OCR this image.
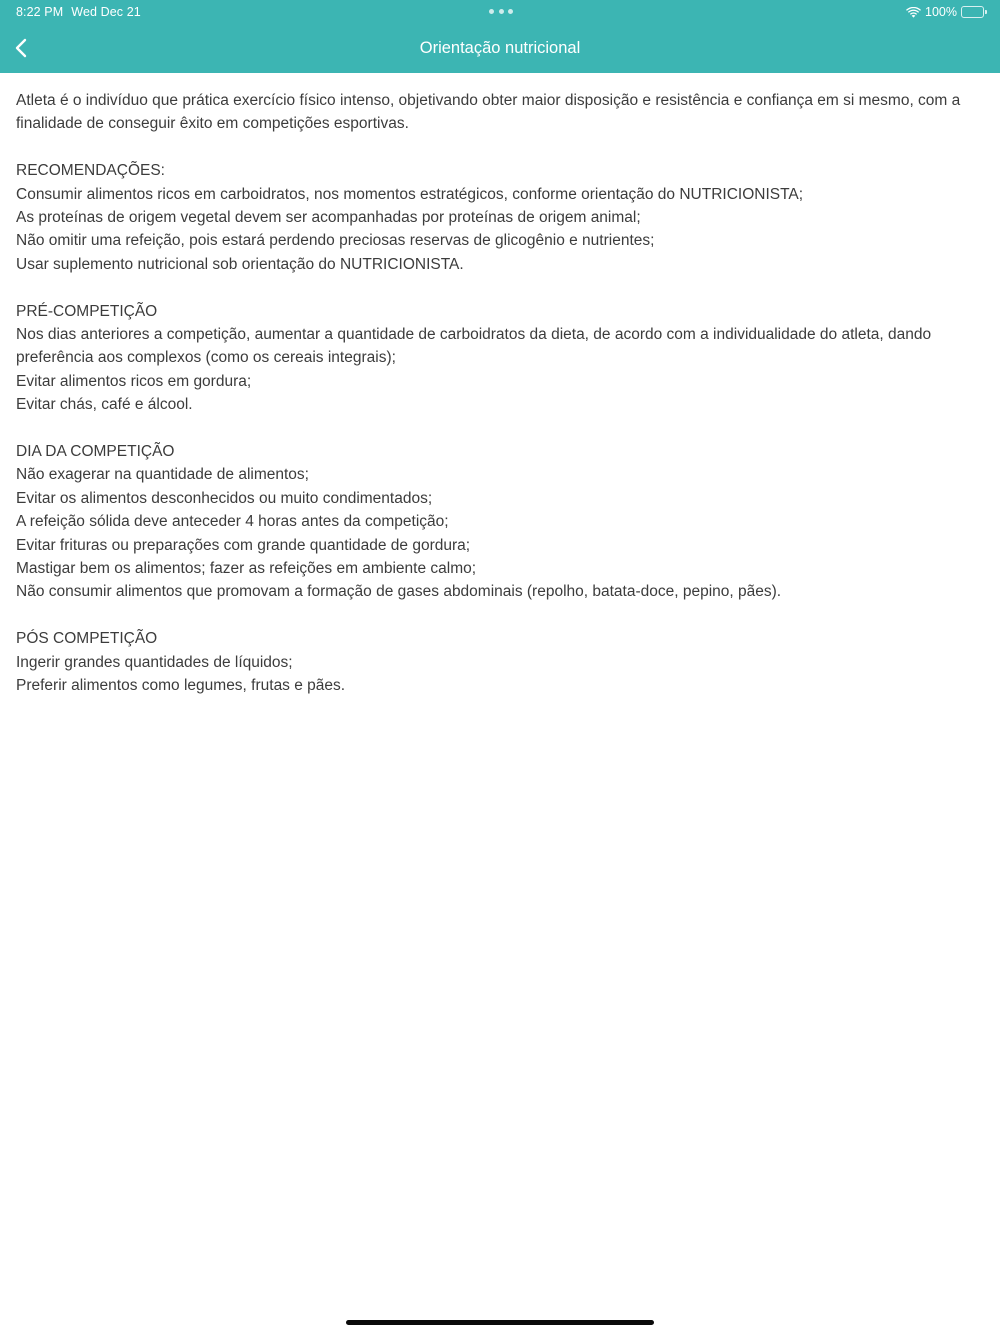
8:22 PM Wed Dec 21	100%
Orientação nutricional

Atleta é o indivíduo que prática exercício físico intenso, objetivando obter maior disposição e resistência e confiança em si mesmo, com a finalidade de conseguir êxito em competições esportivas.

RECOMENDAÇÕES:
Consumir alimentos ricos em carboidratos, nos momentos estratégicos, conforme orientação do NUTRICIONISTA;
As proteínas de origem vegetal devem ser acompanhadas por proteínas de origem animal;
Não omitir uma refeição, pois estará perdendo preciosas reservas de glicogênio e nutrientes;
Usar suplemento nutricional sob orientação do NUTRICIONISTA.

PRÉ-COMPETIÇÃO
Nos dias anteriores a competição, aumentar a quantidade de carboidratos da dieta, de acordo com a individualidade do atleta, dando preferência aos complexos (como os cereais integrais);
Evitar alimentos ricos em gordura;
Evitar chás, café e álcool.

DIA DA COMPETIÇÃO
Não exagerar na quantidade de alimentos;
Evitar os alimentos desconhecidos ou muito condimentados;
A refeição sólida deve anteceder 4 horas antes da competição;
Evitar frituras ou preparações com grande quantidade de gordura;
Mastigar bem os alimentos; fazer as refeições em ambiente calmo;
Não consumir alimentos que promovam a formação de gases abdominais (repolho, batata-doce, pepino, pães).

PÓS COMPETIÇÃO
Ingerir grandes quantidades de líquidos;
Preferir alimentos como legumes, frutas e pães.
